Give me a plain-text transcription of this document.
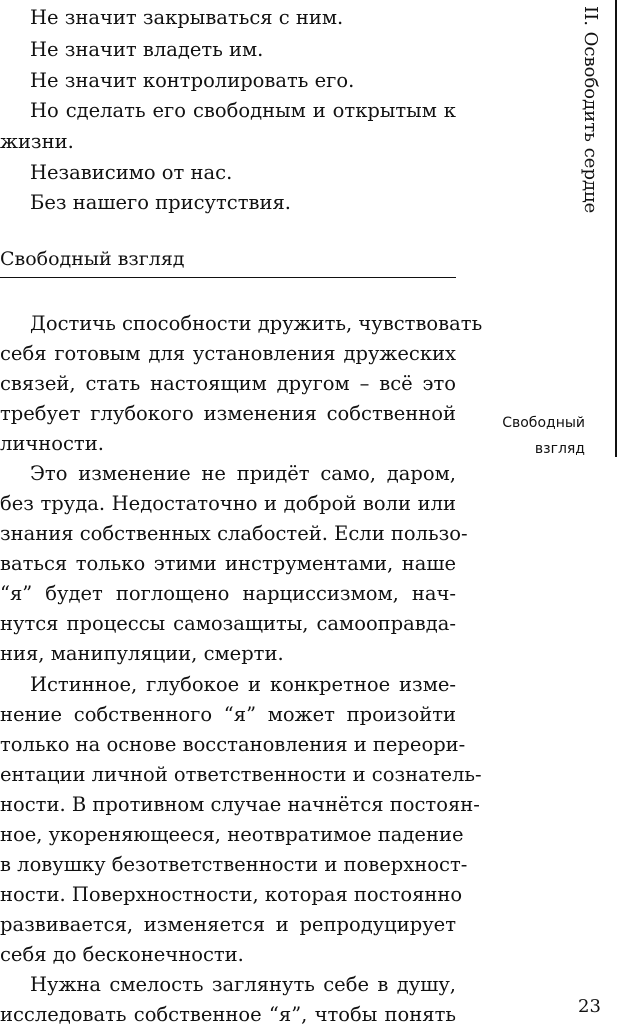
Не значит закрываться с ним.
Не значит владеть им.
Не значит контролировать его.
Но сделать его свободным и открытым к
жизни.
Независимо от нас.
Без нашего присутствия.
Свободный взгляд
Достичь способности дружить, чувствовать
себя готовым для установления дружеских
связей, стать настоящим другом – всё это
требует глубокого изменения собственной
личности.
Это изменение не придёт само, даром,
без труда. Недостаточно и доброй воли или
знания собственных слабостей. Если пользо-
ваться только этими инструментами, наше
“я” будет поглощено нарциссизмом, нач-
нутся процессы самозащиты, самооправда-
ния, манипуляции, смерти.
Истинное, глубокое и конкретное изме-
нение собственного “я” может произойти
только на основе восстановления и переори-
ентации личной ответственности и сознатель-
ности. В противном случае начнётся постоян-
ное, укореняющееся, неотвратимое падение
в ловушку безответственности и поверхност-
ности. Поверхностности, которая постоянно
развивается, изменяется и репродуцирует
себя до бесконечности.
Нужна смелость заглянуть себе в душу,
исследовать собственное “я”, чтобы понять
II. Освободить сердце
Свободный
взгляд
23
